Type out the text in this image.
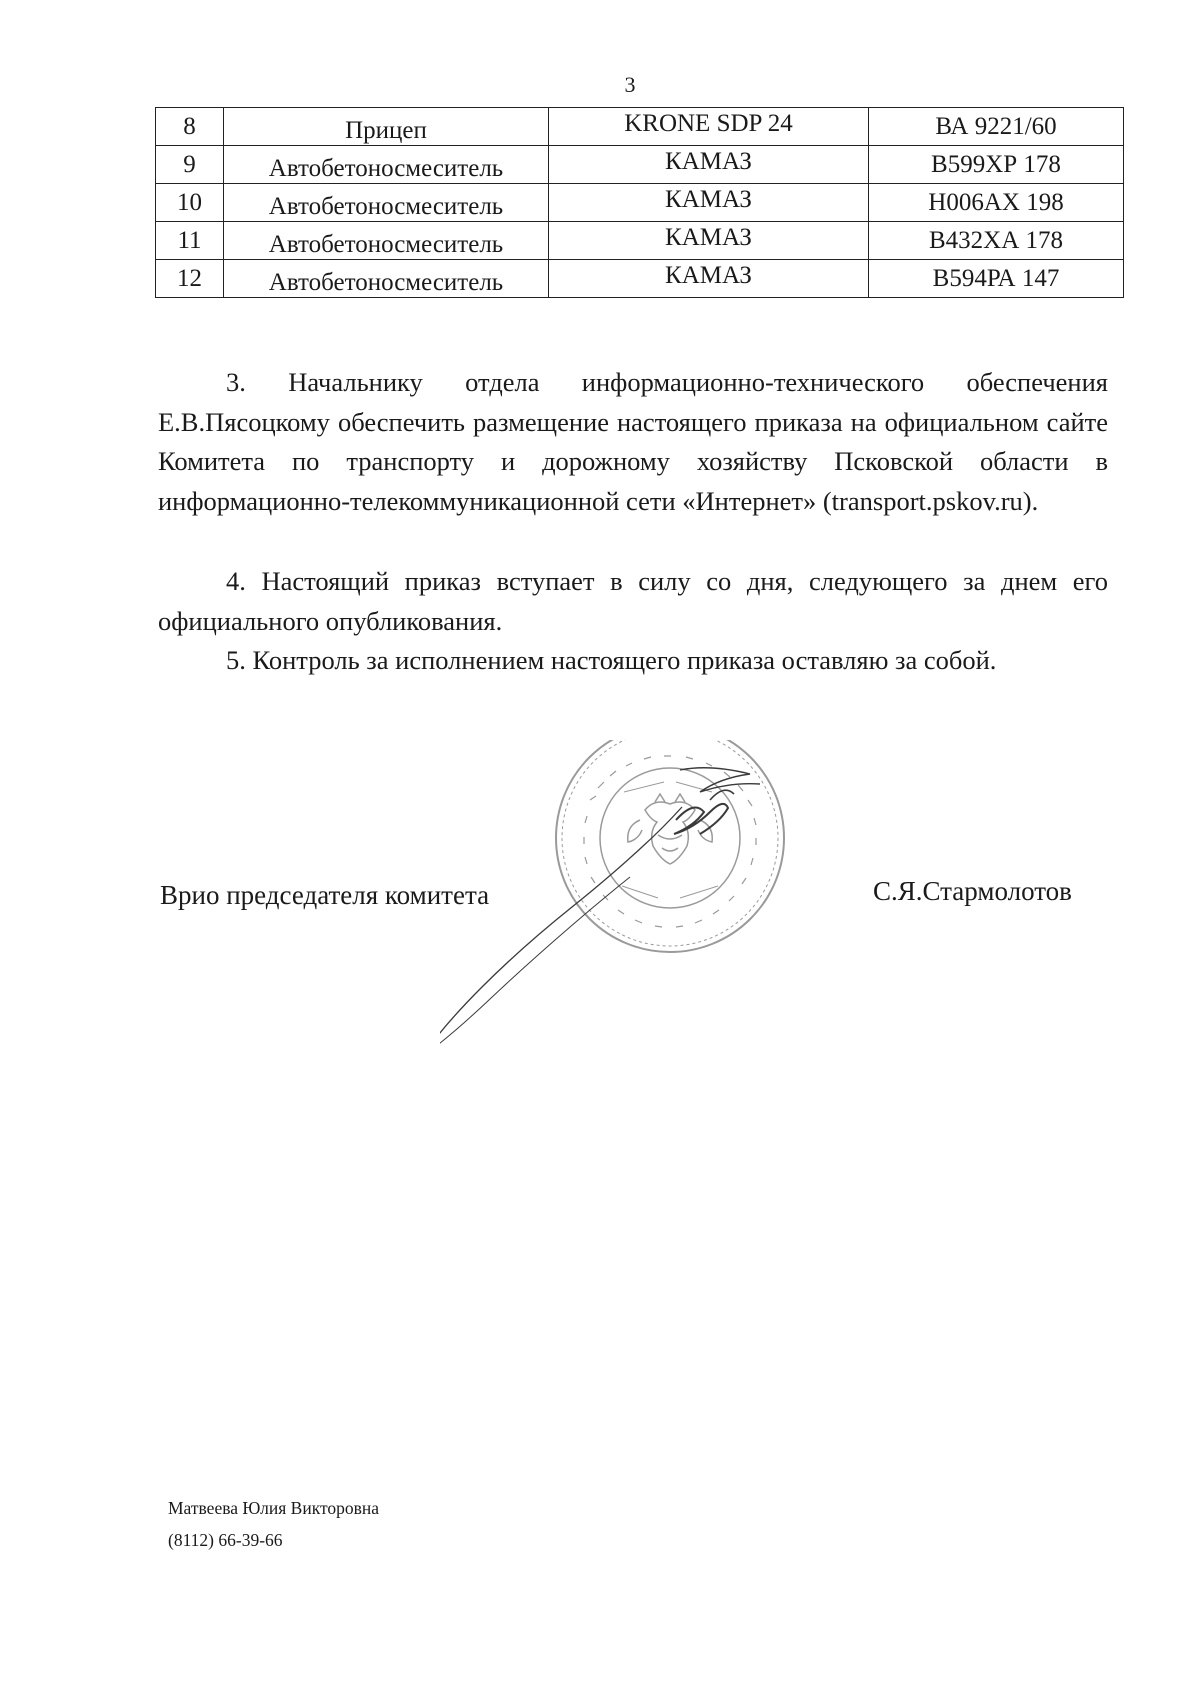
3
8	Прицеп	KRONE SDP 24	ВА 9221/60
9	Автобетоносмеситель	КАМАЗ	В599ХР 178
10	Автобетоносмеситель	КАМАЗ	Н006АХ 198
11	Автобетоносмеситель	КАМАЗ	В432ХА 178
12	Автобетоносмеситель	КАМАЗ	В594РА 147

3. Начальнику отдела информационно-технического обеспечения Е.В.Пясоцкому обеспечить размещение настоящего приказа на официальном сайте Комитета по транспорту и дорожному хозяйству Псковской области в информационно-телекоммуникационной сети «Интернет» (transport.pskov.ru).

4. Настоящий приказ вступает в силу со дня, следующего за днем его официального опубликования.

5. Контроль за исполнением настоящего приказа оставляю за собой.

Врио председателя комитета	С.Я.Стармолотов
Матвеева Юлия Викторовна
(8112) 66-39-66
